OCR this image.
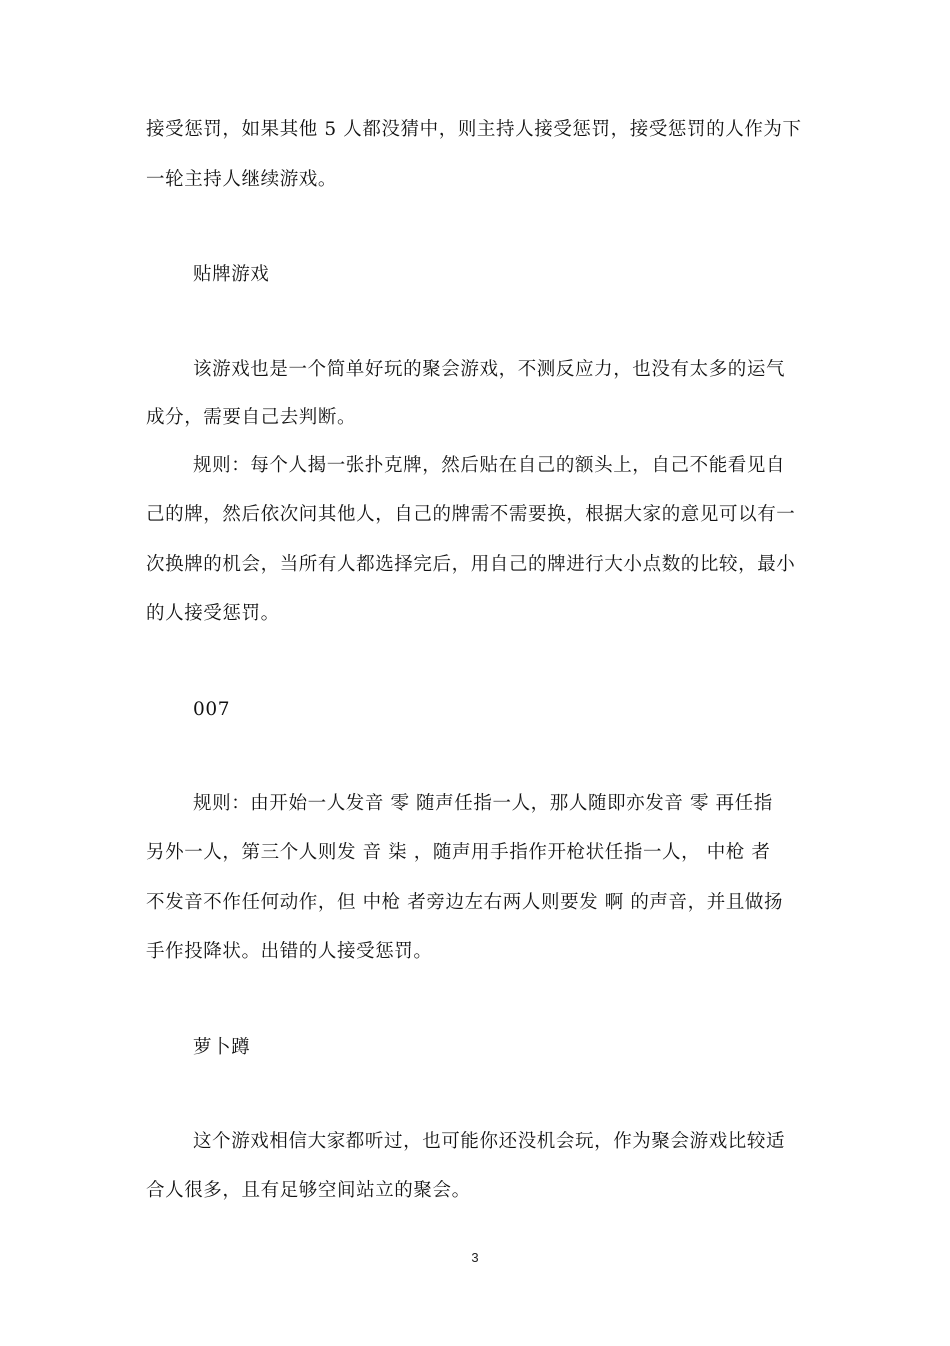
接受惩罚，如果其他 5 人都没猜中，则主持人接受惩罚，接受惩罚的人作为下
一轮主持人继续游戏。
贴牌游戏
该游戏也是一个简单好玩的聚会游戏，不测反应力，也没有太多的运气
成分，需要自己去判断。
规则：每个人揭一张扑克牌，然后贴在自己的额头上，自己不能看见自
己的牌，然后依次问其他人，自己的牌需不需要换，根据大家的意见可以有一
次换牌的机会，当所有人都选择完后，用自己的牌进行大小点数的比较，最小
的人接受惩罚。
007
规则：由开始一人发音 零 随声任指一人，那人随即亦发音 零 再任指
另外一人，第三个人则发 音 柒 ，随声用手指作开枪状任指一人， 中枪 者
不发音不作任何动作，但 中枪 者旁边左右两人则要发 啊 的声音，并且做扬
手作投降状。出错的人接受惩罚。
萝卜蹲
这个游戏相信大家都听过，也可能你还没机会玩，作为聚会游戏比较适
合人很多，且有足够空间站立的聚会。
3
